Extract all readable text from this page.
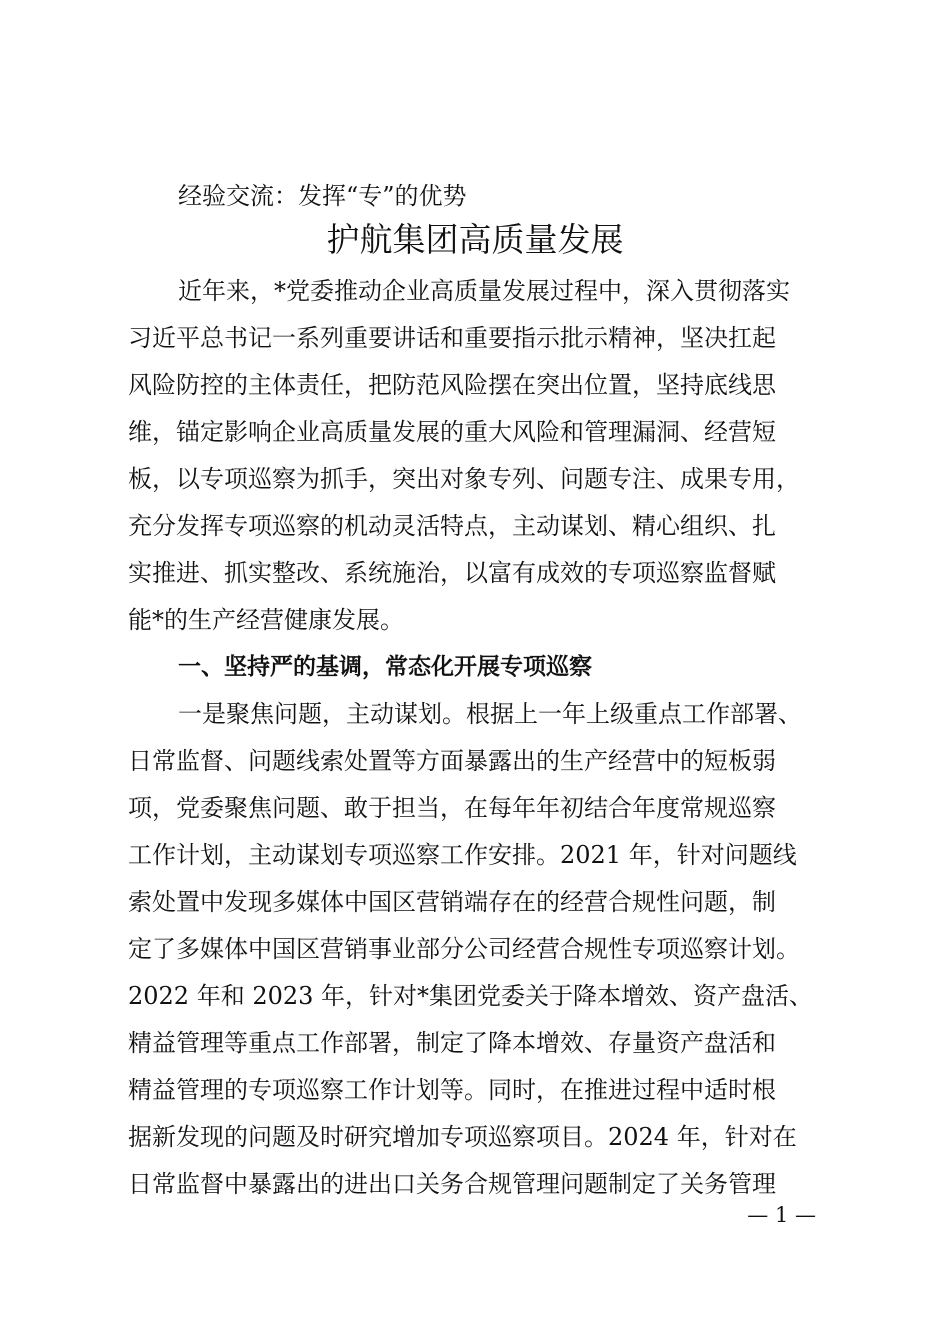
经验交流：发挥“专”的优势
护航集团高质量发展
近年来，*党委推动企业高质量发展过程中，深入贯彻落实
习近平总书记一系列重要讲话和重要指示批示精神，坚决扛起
风险防控的主体责任，把防范风险摆在突出位置，坚持底线思
维，锚定影响企业高质量发展的重大风险和管理漏洞、经营短
板，以专项巡察为抓手，突出对象专列、问题专注、成果专用，
充分发挥专项巡察的机动灵活特点，主动谋划、精心组织、扎
实推进、抓实整改、系统施治，以富有成效的专项巡察监督赋
能*的生产经营健康发展。
一、坚持严的基调，常态化开展专项巡察
一是聚焦问题，主动谋划。根据上一年上级重点工作部署、
日常监督、问题线索处置等方面暴露出的生产经营中的短板弱
项，党委聚焦问题、敢于担当，在每年年初结合年度常规巡察
工作计划，主动谋划专项巡察工作安排。2021 年，针对问题线
索处置中发现多媒体中国区营销端存在的经营合规性问题，制
定了多媒体中国区营销事业部分公司经营合规性专项巡察计划。
2022 年和 2023 年，针对*集团党委关于降本增效、资产盘活、
精益管理等重点工作部署，制定了降本增效、存量资产盘活和
精益管理的专项巡察工作计划等。同时，在推进过程中适时根
据新发现的问题及时研究增加专项巡察项目。2024 年，针对在
日常监督中暴露出的进出口关务合规管理问题制定了关务管理
— 1 —
